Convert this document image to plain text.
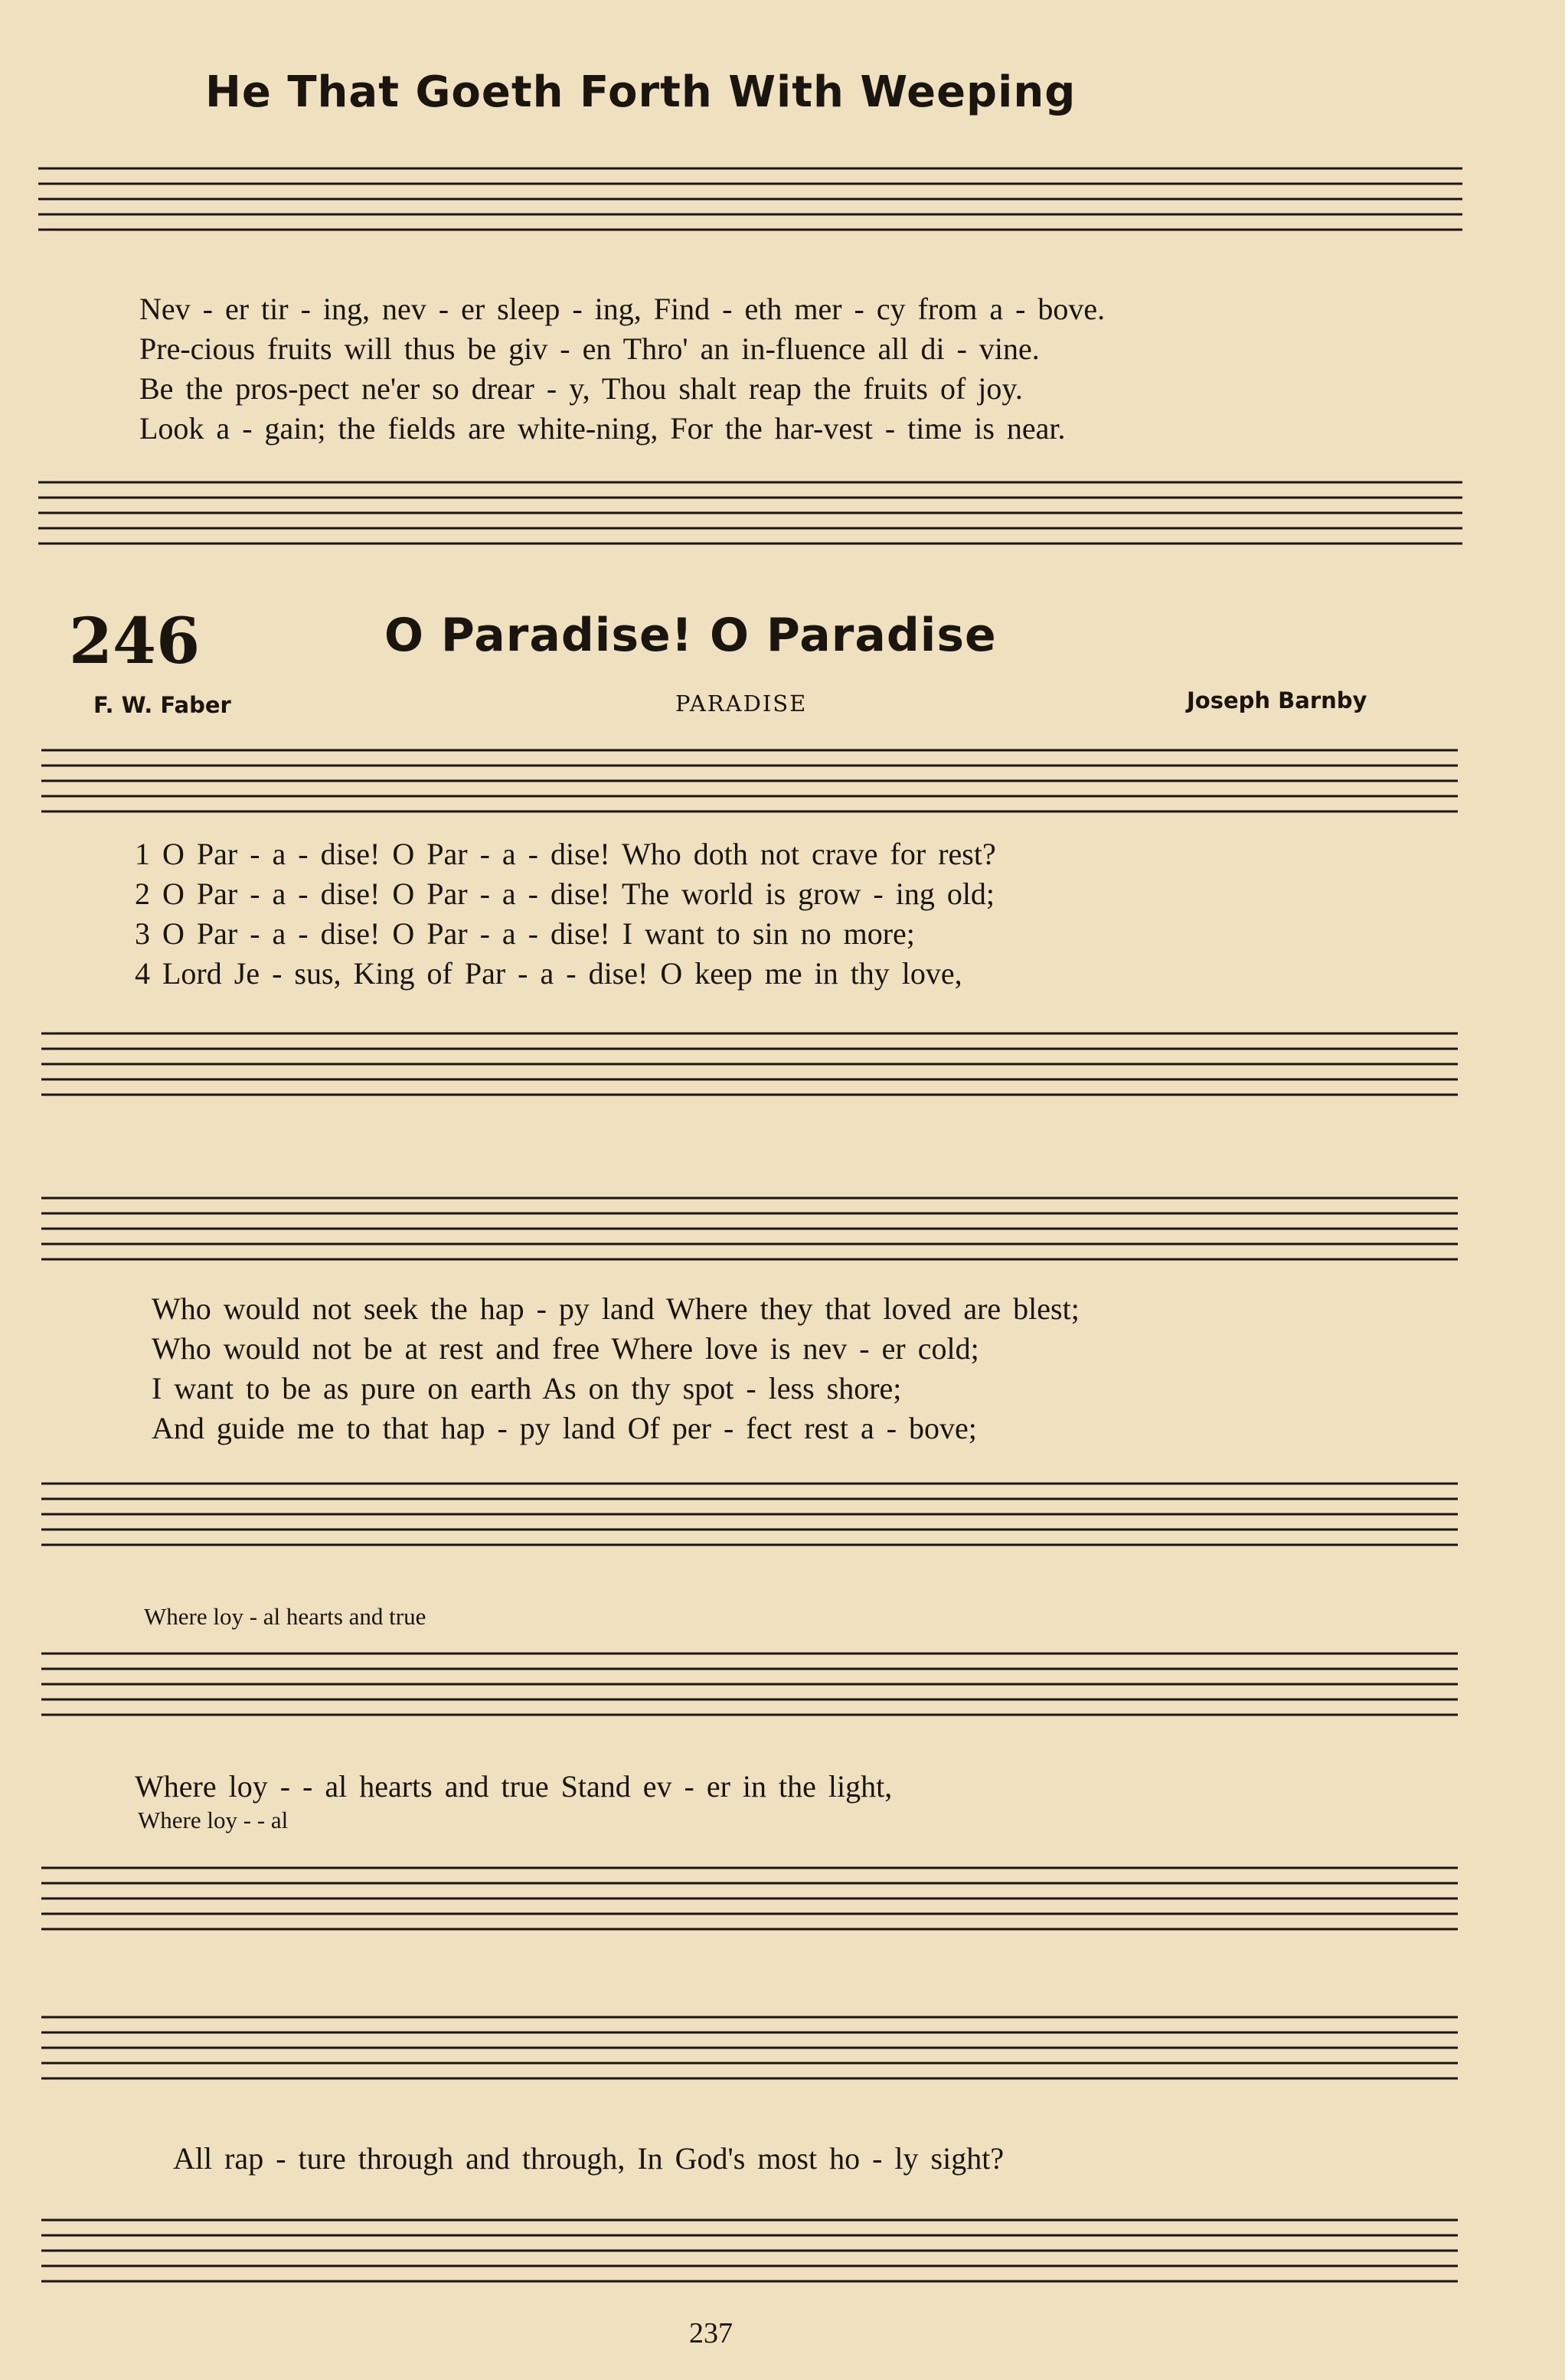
He That Goeth Forth With Weeping
Nev - er tir - ing, nev - er sleep - ing, Find - eth mer - cy from a - bove.
Pre-cious fruits will thus be giv - en Thro' an in-fluence all di - vine.
Be the pros-pect ne'er so drear - y, Thou shalt reap the fruits of joy.
Look a - gain; the fields are white-ning, For the har-vest - time is near.
246	O Paradise! O Paradise
F. W. Faber	PARADISE	Joseph Barnby
1 O Par - a - dise! O Par - a - dise! Who doth not crave for rest?
2 O Par - a - dise! O Par - a - dise! The world is grow - ing old;
3 O Par - a - dise! O Par - a - dise! I want to sin no more;
4 Lord Je - sus, King of Par - a - dise! O keep me in thy love,
Who would not seek the hap - py land Where they that loved are blest;
Who would not be at rest and free Where love is nev - er cold;
I want to be as pure on earth As on thy spot - less shore;
And guide me to that hap - py land Of per - fect rest a - bove;
Where loy - al hearts and true
Where loy - - al hearts and true Stand ev - er in the light,
Where loy - - al
All rap - ture through and through, In God's most ho - ly sight?
237
